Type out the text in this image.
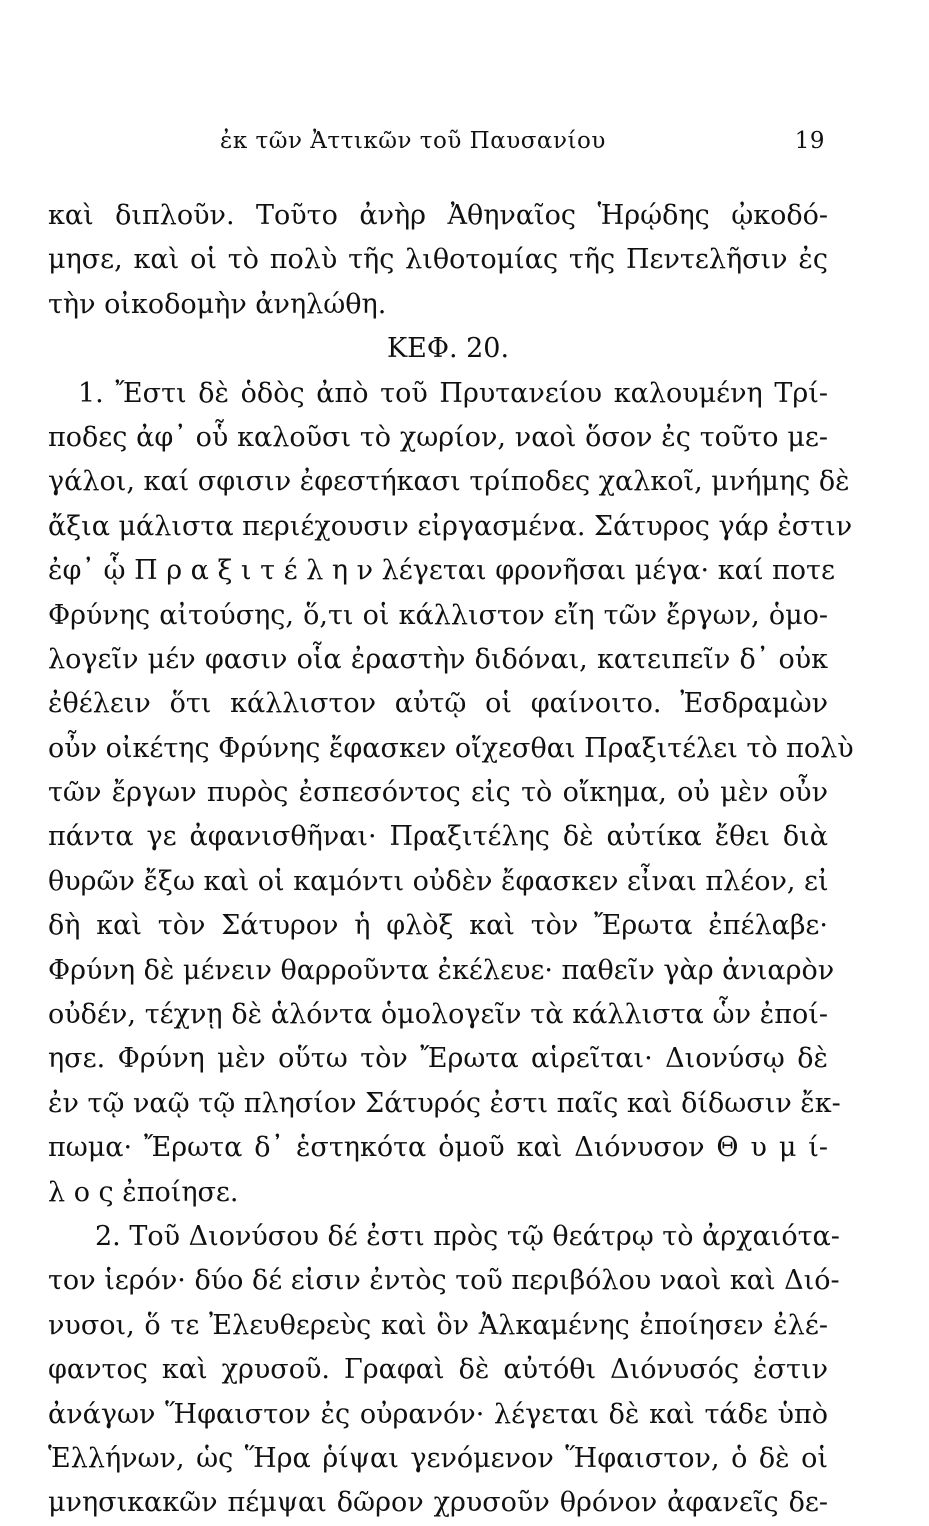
ἐκ τῶν Ἀττικῶν τοῦ Παυσανίου	19
καὶ διπλοῦν. Τοῦτο ἀνὴρ Ἀθηναῖος Ἡρῴδης ᾠκοδό-
μησε, καὶ οἱ τὸ πολὺ τῆς λιθοτομίας τῆς Πεντελῆσιν ἐς
τὴν οἰκοδομὴν ἀνηλώθη.
ΚΕΦ. 20.
1. Ἔστι δὲ ὁδὸς ἀπὸ τοῦ Πρυτανείου καλουμένη Τρί-
ποδες ἀφ᾽ οὗ καλοῦσι τὸ χωρίον, ναοὶ ὅσον ἐς τοῦτο με-
γάλοι, καί σφισιν ἐφεστήκασι τρίποδες χαλκοῖ, μνήμης δὲ
ἄξια μάλιστα περιέχουσιν εἰργασμένα. Σάτυρος γάρ ἐστιν
ἐφ᾽ ᾧ Π ρ α ξ ι τ έ λ η ν λέγεται φρονῆσαι μέγα· καί ποτε
Φρύνης αἰτούσης, ὅ,τι οἱ κάλλιστον εἴη τῶν ἔργων, ὁμο-
λογεῖν μέν φασιν οἷα ἐραστὴν διδόναι, κατειπεῖν δ᾽ οὐκ
ἐθέλειν ὅτι κάλλιστον αὐτῷ οἱ φαίνοιτο. Ἐσδραμὼν
οὖν οἰκέτης Φρύνης ἔφασκεν οἴχεσθαι Πραξιτέλει τὸ πολὺ
τῶν ἔργων πυρὸς ἐσπεσόντος εἰς τὸ οἴκημα, οὐ μὲν οὖν
πάντα γε ἀφανισθῆναι· Πραξιτέλης δὲ αὐτίκα ἔθει διὰ
θυρῶν ἔξω καὶ οἱ καμόντι οὐδὲν ἔφασκεν εἶναι πλέον, εἰ
δὴ καὶ τὸν Σάτυρον ἡ φλὸξ καὶ τὸν Ἔρωτα ἐπέλαβε·
Φρύνη δὲ μένειν θαρροῦντα ἐκέλευε· παθεῖν γὰρ ἀνιαρὸν
οὐδέν, τέχνῃ δὲ ἁλόντα ὁμολογεῖν τὰ κάλλιστα ὧν ἐποί-
ησε. Φρύνη μὲν οὕτω τὸν Ἔρωτα αἱρεῖται· Διονύσῳ δὲ
ἐν τῷ ναῷ τῷ πλησίον Σάτυρός ἐστι παῖς καὶ δίδωσιν ἔκ-
πωμα· Ἔρωτα δ᾽ ἑστηκότα ὁμοῦ καὶ Διόνυσον Θ υ μ ί-
λ ο ς ἐποίησε.
2. Τοῦ Διονύσου δέ ἐστι πρὸς τῷ θεάτρῳ τὸ ἀρχαιότα-
τον ἱερόν· δύο δέ εἰσιν ἐντὸς τοῦ περιβόλου ναοὶ καὶ Διό-
νυσοι, ὅ τε Ἐλευθερεὺς καὶ ὃν Ἀλκαμένης ἐποίησεν ἐλέ-
φαντος καὶ χρυσοῦ. Γραφαὶ δὲ αὐτόθι Διόνυσός ἐστιν
ἀνάγων Ἥφαιστον ἐς οὐρανόν· λέγεται δὲ καὶ τάδε ὑπὸ
Ἑλλήνων, ὡς Ἥρα ῥίψαι γενόμενον Ἥφαιστον, ὁ δὲ οἱ
μνησικακῶν πέμψαι δῶρον χρυσοῦν θρόνον ἀφανεῖς δε-
